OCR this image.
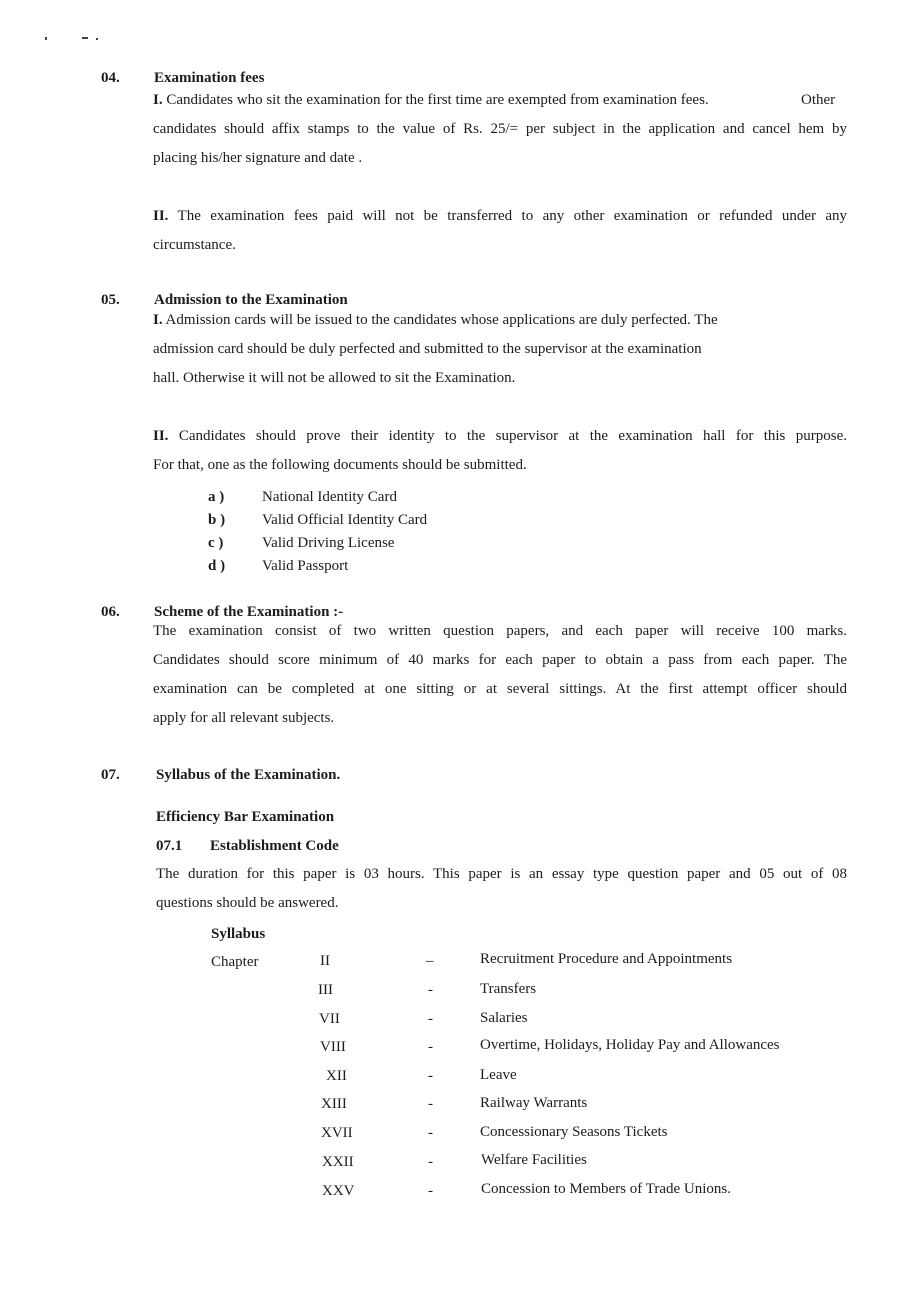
04. Examination fees
I. Candidates who sit the examination for the first time are exempted from examination fees.	Other
candidates should affix stamps to the value of Rs. 25/= per subject in the application and cancel hem by
placing his/her signature and date .
II. The examination fees paid will not be transferred to any other examination or refunded under any
circumstance.
05. Admission to the Examination
I. Admission cards will be issued to the candidates whose applications are duly perfected. The
admission card should be duly perfected and submitted to the supervisor at the examination
hall. Otherwise it will not be allowed to sit the Examination.
II. Candidates should prove their identity to the supervisor at the examination hall for this purpose.
For that, one as the following documents should be submitted.
a )	National Identity Card
b ) Valid Official Identity Card
c )	Valid Driving License
d ) Valid Passport
06. Scheme of the Examination :-
The examination consist of two written question papers, and each paper will receive 100 marks.
Candidates should score minimum of 40 marks for each paper to obtain a pass from each paper. The
examination can be completed at one sitting or at several sittings. At the first attempt officer should
apply for all relevant subjects.
07. Syllabus of the Examination.
Efficiency Bar Examination
07.1 Establishment Code
The duration for this paper is 03 hours. This paper is an essay type question paper and 05 out of 08
questions should be answered.
Syllabus
Chapter	II	–	Recruitment Procedure and Appointments
III	-	Transfers
VII	-	Salaries
VIII	-	Overtime, Holidays, Holiday Pay and Allowances
XII	-	Leave
XIII	-	Railway Warrants
XVII	-	Concessionary Seasons Tickets
XXII	-	Welfare Facilities
XXV	-	Concession to Members of Trade Unions.
